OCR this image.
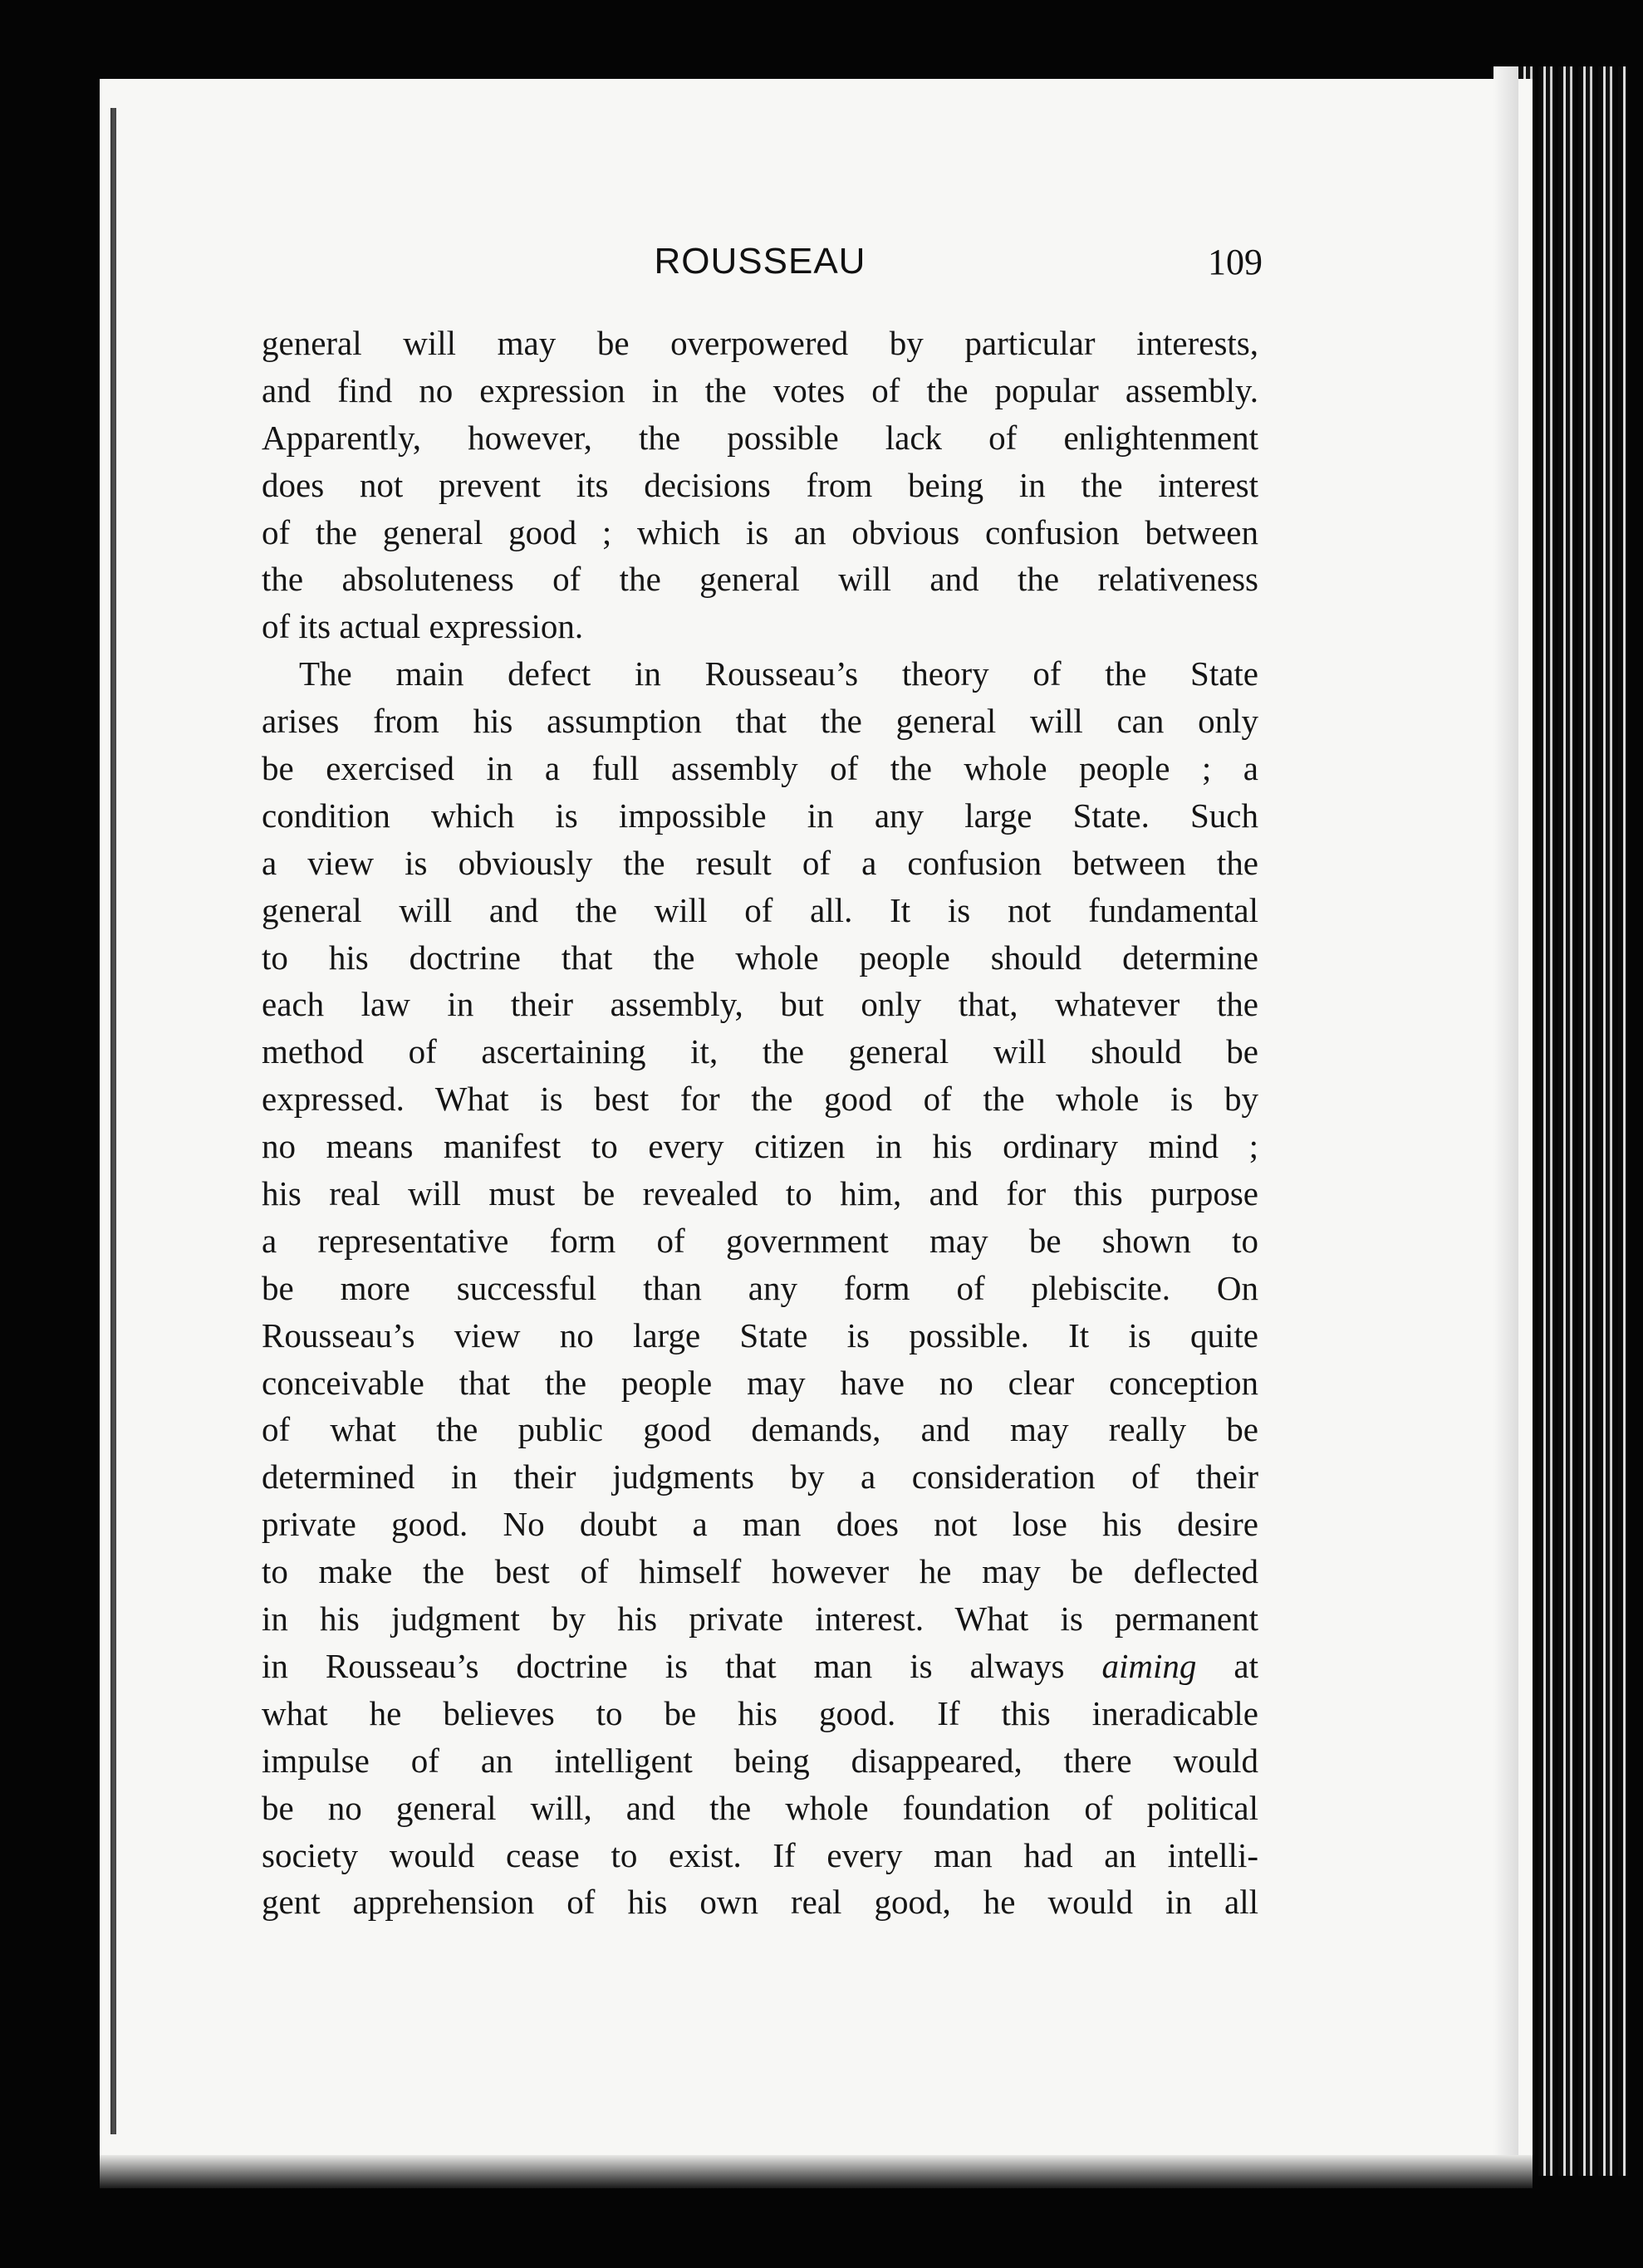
ROUSSEAU	109
general will may be overpowered by particular interests,
and find no expression in the votes of the popular assembly.
Apparently, however, the possible lack of enlightenment
does not prevent its decisions from being in the interest
of the general good ; which is an obvious confusion between
the absoluteness of the general will and the relativeness
of its actual expression.
The main defect in Rousseau’s theory of the State
arises from his assumption that the general will can only
be exercised in a full assembly of the whole people ; a
condition which is impossible in any large State. Such
a view is obviously the result of a confusion between the
general will and the will of all. It is not fundamental
to his doctrine that the whole people should determine
each law in their assembly, but only that, whatever the
method of ascertaining it, the general will should be
expressed. What is best for the good of the whole is by
no means manifest to every citizen in his ordinary mind ;
his real will must be revealed to him, and for this purpose
a representative form of government may be shown to
be more successful than any form of plebiscite. On
Rousseau’s view no large State is possible. It is quite
conceivable that the people may have no clear conception
of what the public good demands, and may really be
determined in their judgments by a consideration of their
private good. No doubt a man does not lose his desire
to make the best of himself however he may be deflected
in his judgment by his private interest. What is permanent
in Rousseau’s doctrine is that man is always aiming at
what he believes to be his good. If this ineradicable
impulse of an intelligent being disappeared, there would
be no general will, and the whole foundation of political
society would cease to exist. If every man had an intelli-
gent apprehension of his own real good, he would in all
